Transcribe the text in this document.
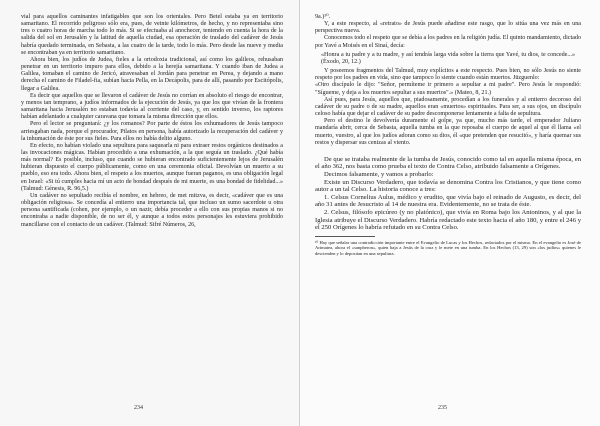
vial para aquellos caminantes infatigables que son los orientales. Pero Betel estaba ya en territorio samaritano. El recorrido peligroso sólo era, pues, de veinte kilómetros, de hecho, y no representaba sino tres o cuatro horas de marcha todo lo más. Si se efectuaba al anochecer, teniendo en cuenta la hora de la salida del sol en Jerusalén y la latitud de aquella ciudad, esa operación de traslado del cadáver de Jesús habría quedado terminada, en Sebasta, a las cuatro de la tarde, todo lo más. Pero desde las nueve y media se encontraban ya en territorio samaritano.

Ahora bien, los judíos de Judea, fieles a la ortodoxia tradicional, así como los galileos, rehusaban penetrar en un territorio impuro para ellos, debido a la herejía samaritana. Y cuando iban de Judea a Galilea, tomaban el camino de Jericó, atravesaban el Jordán para penetrar en Perea, y dejando a mano derecha el camino de Filadel-fia, subían hacia Pella, en la Decápolis, para de allí, pasando por Escitópolis, llegar a Galilea.

Es decir que aquellos que se llevaron el cadáver de Jesús no corrían en absoluto el riesgo de encontrar, y menos tan temprano, a judíos informados de la ejecución de Jesús, ya que los que vivían de la frontera samaritana hacia Jerusalén no estaban todavía al corriente del caso, y, en sentido inverso, los raptores habían adelantado a cualquier caravana que tomara la misma dirección que ellos.

Pero el lector se preguntará: ¿y los romanos? Por parte de éstos los exhumadores de Jesús tampoco arriesgaban nada, porque el procurador, Pilatos en persona, había autorizado la recuperación del cadáver y la inhumación de éste por sus fieles. Para ellos no había delito alguno.

En efecto, no habían violado una sepultura para saquearla ni para extraer restos orgánicos destinados a las invocaciones mágicas. Habían procedido a una exhumación, a la que seguía un traslado. ¿Qué había más normal? Es posible, incluso, que cuando se hubieran encontrado suficientemente lejos de Jerusalén hubieran dispuesto el cuerpo públicamente, como en una ceremonia oficial. Devolvían un muerto a su pueblo, eso era todo. Ahora bien, el respeto a los muertos, aunque fueran paganos, es una obligación legal en Israel: «Si tú cumples hacia mí un acto de bondad después de mi muerte, es una bondad de fidelidad...» (Talmud: Génesis, R. 96,5.)

Un cadáver no sepultado recibía el nombre, en hebreo, de met mitzva, es decir, «cadáver que es una obligación religiosa». Se concedía al entierro una importancia tal, que incluso un sumo sacerdote u otra persona santificada (cohen, por ejemplo, o un nazir, debía proceder a ello con sus propias manos si no encontraba a nadie disponible, de no ser él, y aunque a todos estos personajes les estuviera prohibido mancillarse con el contacto de un cadáver. (Talmud: Sifré Números, 26,

234

9a.)¹⁰.

Y, a este respecto, al «retrato» de Jesús puede añadirse este rasgo, que lo sitúa una vez más en una perspectiva nueva.

Conocemos todo el respeto que se debía a los padres en la religión judía. El quinto mandamiento, dictado por Yavé a Moisés en el Sinaí, decía:

«Honra a tu padre y a tu madre, y así tendrás larga vida sobre la tierra que Yavé, tu dios, te concede...» (Éxodo, 20, 12.)

Y poseemos fragmentos del Talmud, muy explícitos a este respecto. Pues bien, no sólo Jesús no siente respeto por los padres en vida, sino que tampoco lo siente cuando están muertos. Jüzguenlo:

«Otro discípulo le dijo: "Señor, permíteme ir primero a sepultar a mi padre". Pero Jesús le respondió: "Sígueme, y deja a los muertos sepultar a sus muertos".» (Mateo, 8, 21.)

Así pues, para Jesús, aquellos que, piadosamente, procedían a los funerales y al entierro decoroso del cadáver de su padre o de su madre, aquellos eran «muertos» espirituales. Para ser, a sus ojos, un discípulo celoso había que dejar el cadáver de su padre descomponerse lentamente a falta de sepultura.

Pero el destino le devolvería duramente el golpe, ya que, mucho más tarde, el emperador Juliano mandaría abrir, cerca de Sebasta, aquella tumba en la que reposaba el cuerpo de aquel al que él llama «el muerto, vuestro, al que los judíos adoran como su dios, él «que pretenden que resucitó», y haría quemar sus restos y dispersar sus cenizas al viento.

De que se trataba realmente de la tumba de Jesús, conocido como tal en aquella misma época, en el año 362, nos basta como prueba el texto de Contra Celso, atribuido falsamente a Orígenes.

Decimos falsamente, y vamos a probarlo:

Existe un Discurso Verdadero, que todavía se denomina Contra los Cristianos, y que tiene como autor a un tal Celso. La historia conoce a tres:

1. Celsus Cornelius Aulus, médico y erudito, que vivía bajo el reinado de Augusto, es decir, del año 31 antes de Jesucristo al 14 de nuestra era. Evidentemente, no se trata de éste.

2. Celsus, filósofo epicúreo (y no platónico), que vivía en Roma bajo los Antoninos, y al que la Iglesia atribuye el Discurso Verdadero. Habría redactado este texto hacia el año 180, y entre el 246 y el 250 Orígenes lo habría refutado en su Contra Celso.

¹⁰ Hay que señalar una contradicción importante entre el Evangelio de Lucas y los Hechos, redactados por el mismo. En el evangelio es José de Arimatea, ahora el «sanpheron», quien baja a Jesús de la cruz y le mete en una tumba. En los Hechos (13, 29) son «los judíos» quienes le descienden y lo depositan en una sepultura.

235
